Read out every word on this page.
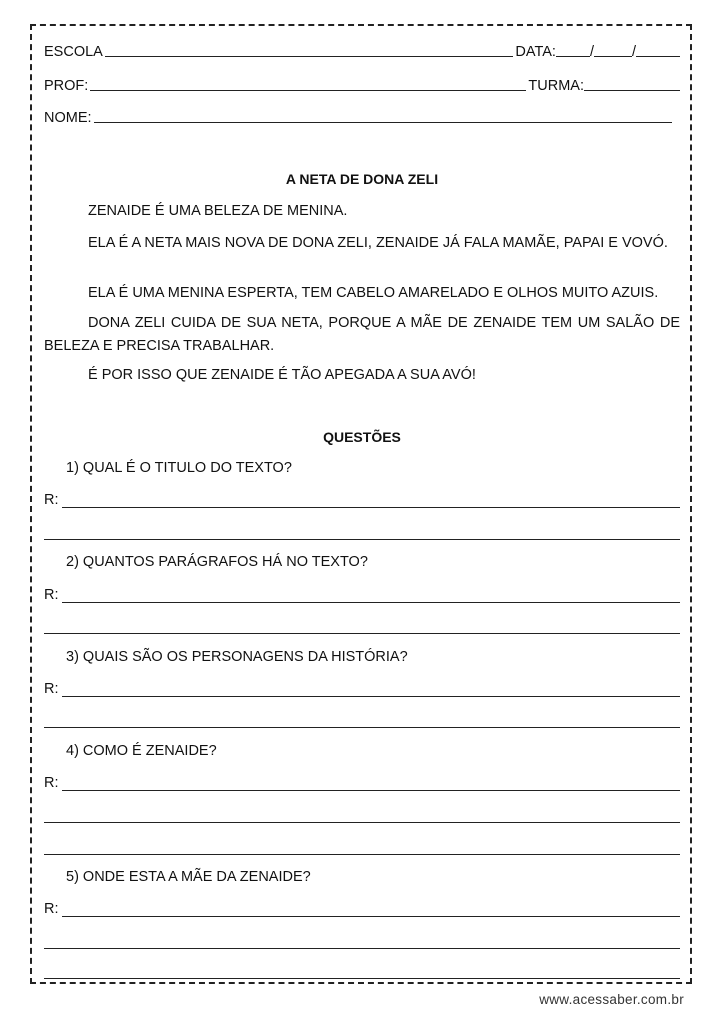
ESCOLA	DATA: /	/
PROF:	TURMA:
NOME:
A NETA DE DONA ZELI
ZENAIDE É UMA BELEZA DE MENINA.
ELA É A NETA MAIS NOVA DE DONA ZELI, ZENAIDE JÁ FALA MAMÃE, PAPAI E VOVÓ.
ELA É UMA MENINA ESPERTA, TEM CABELO AMARELADO E OLHOS MUITO AZUIS.
DONA ZELI CUIDA DE SUA NETA, PORQUE A MÃE DE ZENAIDE TEM UM SALÃO DE BELEZA E PRECISA TRABALHAR.
É POR ISSO QUE ZENAIDE É TÃO APEGADA A SUA AVÓ!
QUESTÕES
1) QUAL É O TITULO DO TEXTO?
R:
2) QUANTOS PARÁGRAFOS HÁ NO TEXTO?
R:
3) QUAIS SÃO OS PERSONAGENS DA HISTÓRIA?
R:
4) COMO É ZENAIDE?
R:
5) ONDE ESTA A MÃE DA ZENAIDE?
R:
www.acessaber.com.br
